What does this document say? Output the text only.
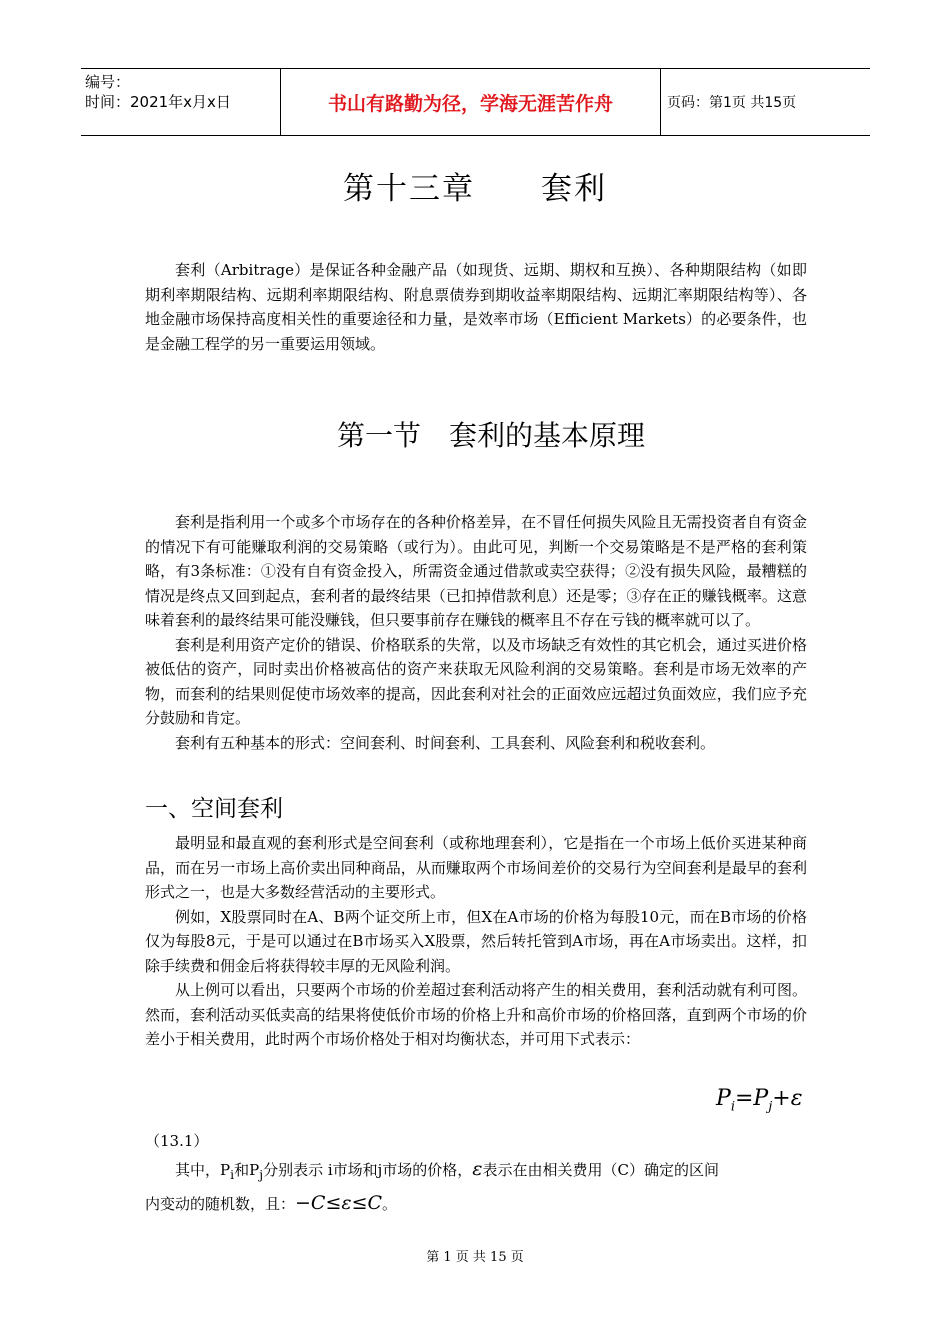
编号：
时间：2021年x月x日	书山有路勤为径，学海无涯苦作舟	页码：第1页 共15页
第十三章 套利

套利（Arbitrage）是保证各种金融产品（如现货、远期、期权和互换）、各种期限结构（如即期利率期限结构、远期利率期限结构、附息票债券到期收益率期限结构、远期汇率期限结构等）、各地金融市场保持高度相关性的重要途径和力量，是效率市场（Efficient Markets）的必要条件，也是金融工程学的另一重要运用领域。

第一节 套利的基本原理

套利是指利用一个或多个市场存在的各种价格差异，在不冒任何损失风险且无需投资者自有资金的情况下有可能赚取利润的交易策略（或行为）。由此可见，判断一个交易策略是不是严格的套利策略，有3条标准：①没有自有资金投入，所需资金通过借款或卖空获得；②没有损失风险，最糟糕的情况是终点又回到起点，套利者的最终结果（已扣掉借款利息）还是零；③存在正的赚钱概率。这意味着套利的最终结果可能没赚钱，但只要事前存在赚钱的概率且不存在亏钱的概率就可以了。

套利是利用资产定价的错误、价格联系的失常，以及市场缺乏有效性的其它机会，通过买进价格被低估的资产，同时卖出价格被高估的资产来获取无风险利润的交易策略。套利是市场无效率的产物，而套利的结果则促使市场效率的提高，因此套利对社会的正面效应远超过负面效应，我们应予充分鼓励和肯定。

套利有五种基本的形式：空间套利、时间套利、工具套利、风险套利和税收套利。

一、空间套利

最明显和最直观的套利形式是空间套利（或称地理套利），它是指在一个市场上低价买进某种商品，而在另一市场上高价卖出同种商品，从而赚取两个市场间差价的交易行为空间套利是最早的套利形式之一，也是大多数经营活动的主要形式。

例如，X股票同时在A、B两个证交所上市，但X在A市场的价格为每股10元，而在B市场的价格仅为每股8元，于是可以通过在B市场买入X股票，然后转托管到A市场，再在A市场卖出。这样，扣除手续费和佣金后将获得较丰厚的无风险利润。

从上例可以看出，只要两个市场的价差超过套利活动将产生的相关费用，套利活动就有利可图。然而，套利活动买低卖高的结果将使低价市场的价格上升和高价市场的价格回落，直到两个市场的价差小于相关费用，此时两个市场价格处于相对均衡状态，并可用下式表示：

$P_i=P_j+\varepsilon$
（13.1）
其中，$P_i$和$P_j$分别表示 i市场和j市场的价格，ε表示在由相关费用（C）确定的区间
内变动的随机数，且：−C≤ε≤C。
第 1 页 共 15 页
